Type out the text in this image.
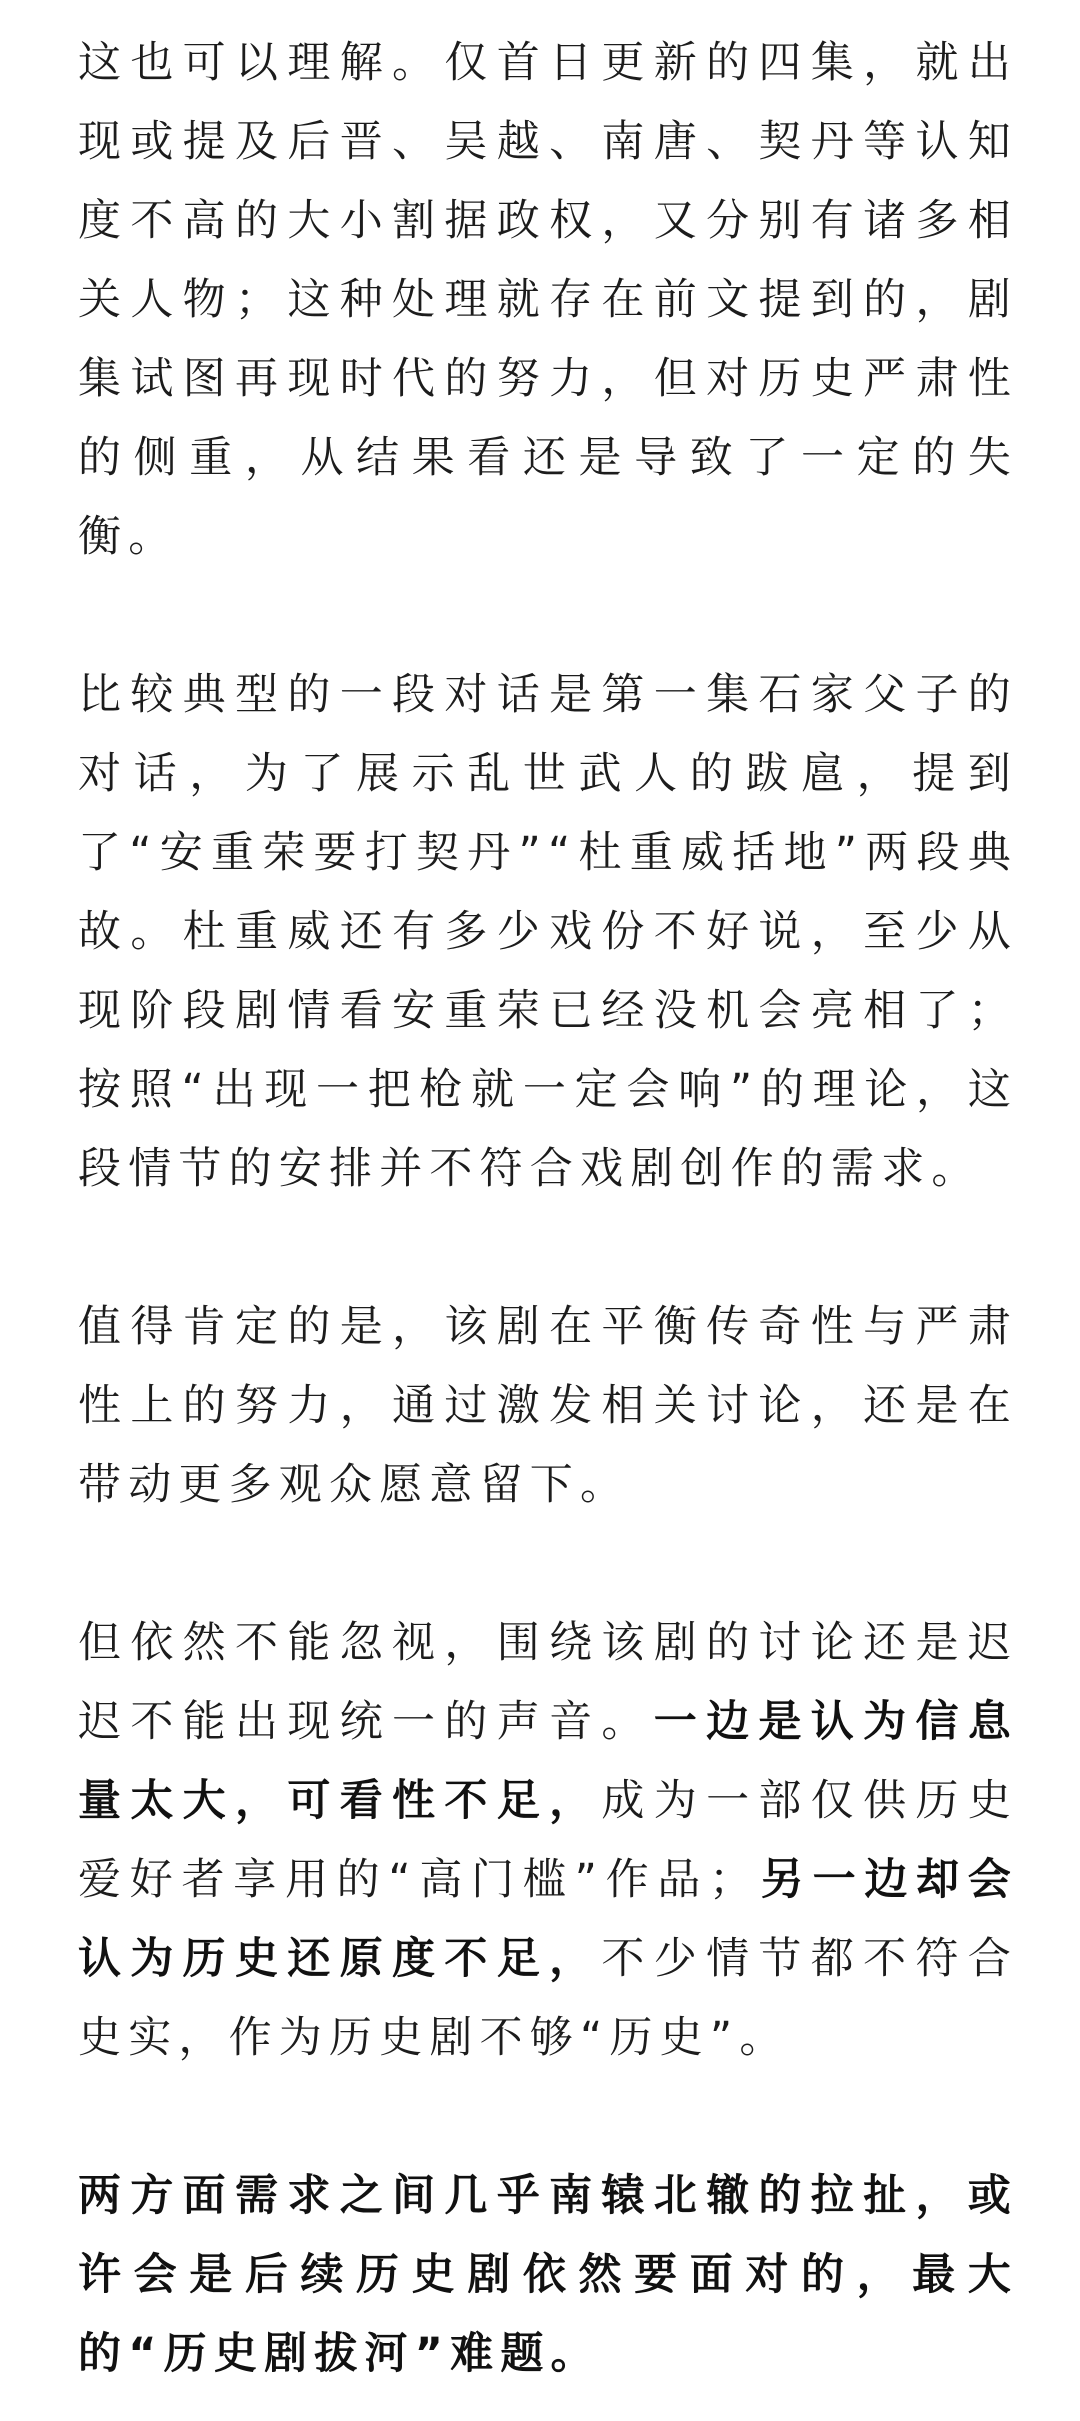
这也可以理解。仅首日更新的四集，就出现或提及后晋、吴越、南唐、契丹等认知度不高的大小割据政权，又分别有诸多相关人物；这种处理就存在前文提到的，剧集试图再现时代的努力，但对历史严肃性的侧重，从结果看还是导致了一定的失衡。

比较典型的一段对话是第一集石家父子的对话，为了展示乱世武人的跋扈，提到了“安重荣要打契丹”“杜重威括地”两段典故。杜重威还有多少戏份不好说，至少从现阶段剧情看安重荣已经没机会亮相了；按照“出现一把枪就一定会响”的理论，这段情节的安排并不符合戏剧创作的需求。

值得肯定的是，该剧在平衡传奇性与严肃性上的努力，通过激发相关讨论，还是在带动更多观众愿意留下。

但依然不能忽视，围绕该剧的讨论还是迟迟不能出现统一的声音。一边是认为信息量太大，可看性不足，成为一部仅供历史爱好者享用的“高门槛”作品；另一边却会认为历史还原度不足，不少情节都不符合史实，作为历史剧不够“历史”。

两方面需求之间几乎南辕北辙的拉扯，或许会是后续历史剧依然要面对的，最大的“历史剧拔河”难题。
